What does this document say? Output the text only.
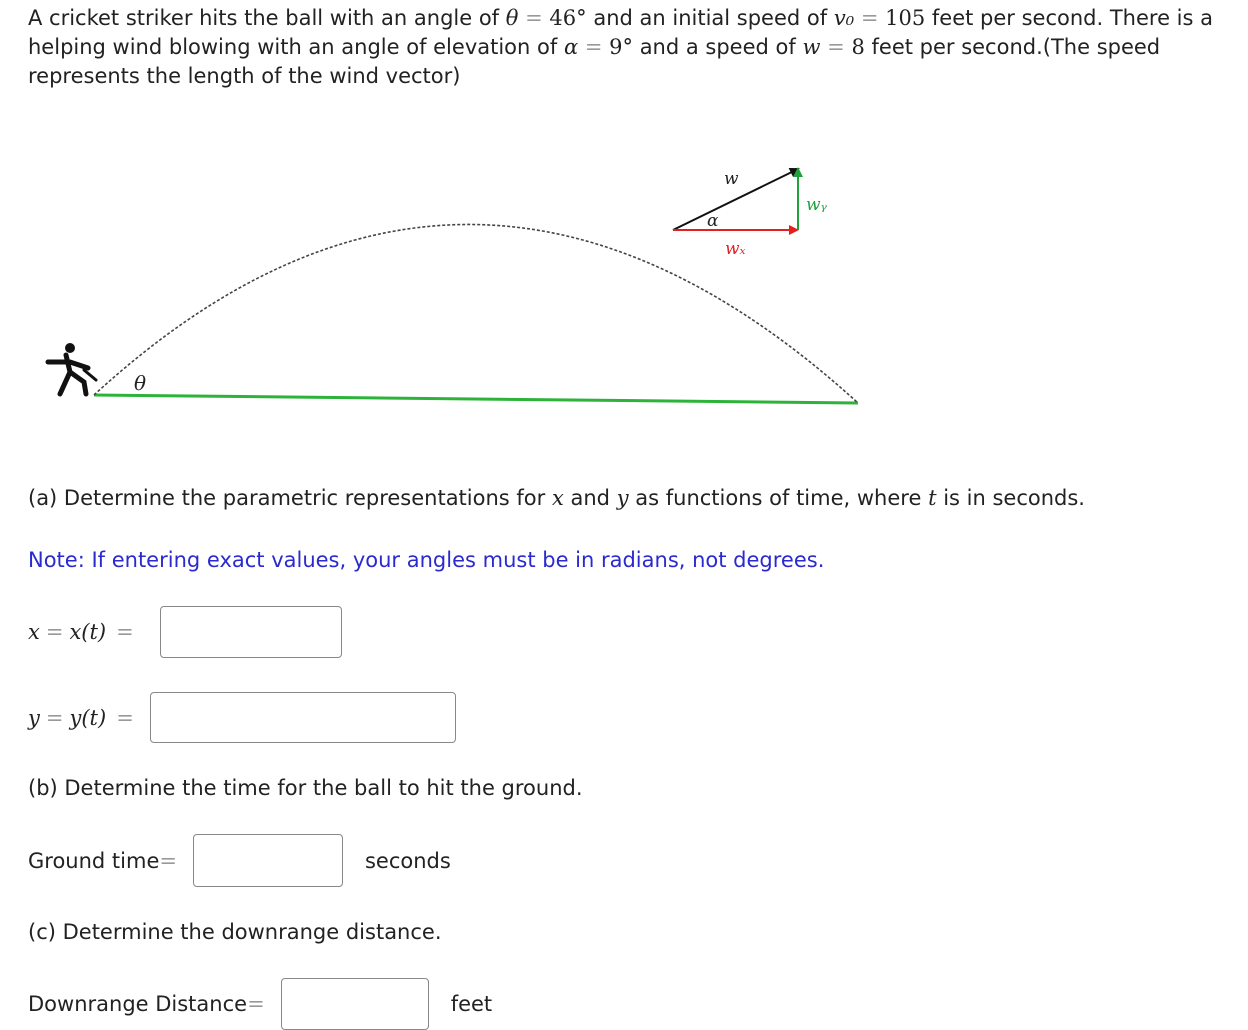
A cricket striker hits the ball with an angle of θ = 46° and an initial speed of v₀ = 105 feet per second. There is a helping wind blowing with an angle of elevation of α = 9° and a speed of w = 8 feet per second.(The speed represents the length of the wind vector)
θ
w
α
wₓ
wᵧ
(a) Determine the parametric representations for x and y as functions of time, where t is in seconds.
Note: If entering exact values, your angles must be in radians, not degrees.
x = x(t) =
y = y(t) =
(b) Determine the time for the ball to hit the ground.
Ground time =	seconds
(c) Determine the downrange distance.
Downrange Distance =	feet
